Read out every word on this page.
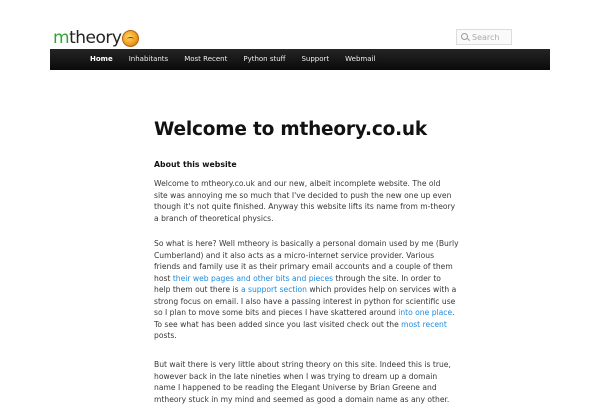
m theory
Search
Home	Inhabitants	Most Recent	Python stuff	Support	Webmail
Welcome to mtheory.co.uk
About this website

Welcome to mtheory.co.uk and our new, albeit incomplete website. The old
site was annoying me so much that I've decided to push the new one up even
though it's not quite finished. Anyway this website lifts its name from m-theory
a branch of theoretical physics.

So what is here? Well mtheory is basically a personal domain used by me (Burly
Cumberland) and it also acts as a micro-internet service provider. Various
friends and family use it as their primary email accounts and a couple of them
host their web pages and other bits and pieces through the site. In order to
help them out there is a support section which provides help on services with a
strong focus on email. I also have a passing interest in python for scientific use
so I plan to move some bits and pieces I have skattered around into one place.
To see what has been added since you last visited check out the most recent
posts.

But wait there is very little about string theory on this site. Indeed this is true,
however back in the late nineties when I was trying to dream up a domain
name I happened to be reading the Elegant Universe by Brian Greene and
mtheory stuck in my mind and seemed as good a domain name as any other.
